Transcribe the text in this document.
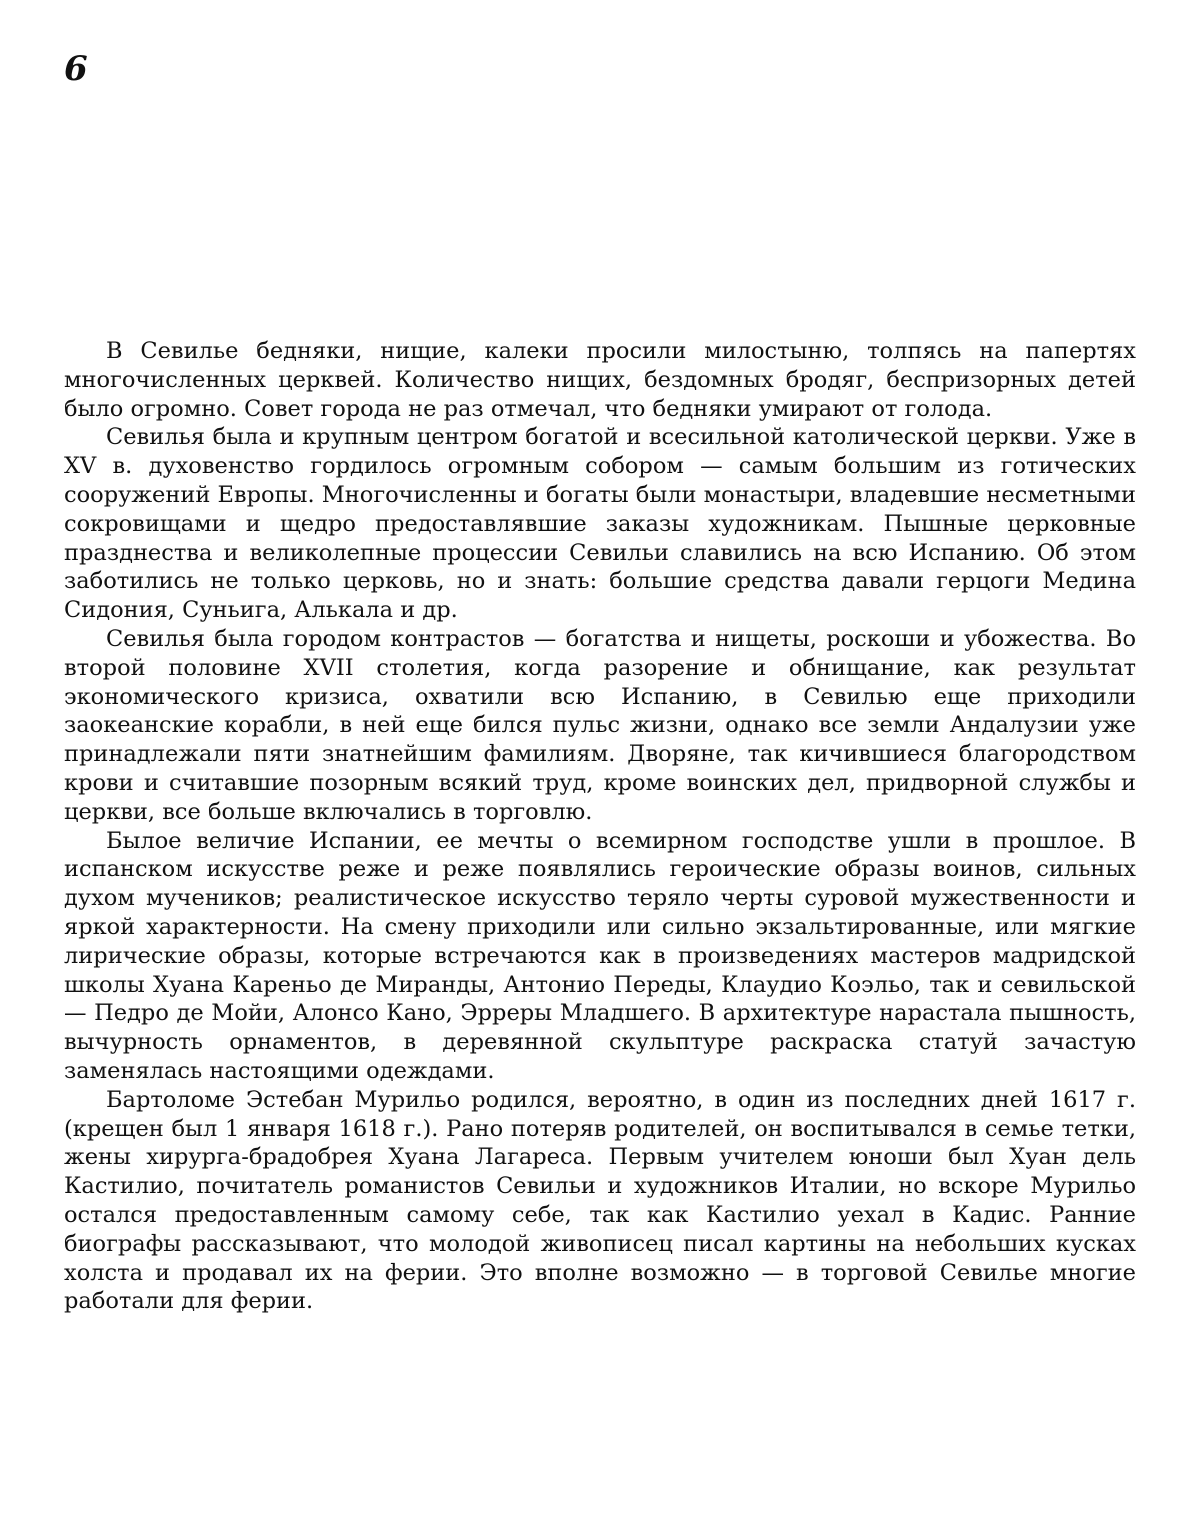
6

В Севилье бедняки, нищие, калеки просили милостыню, толпясь на папертях многочисленных церквей. Количество нищих, бездомных бродяг, беспризорных детей было огромно. Совет города не раз отмечал, что бедняки умирают от голода.

Севилья была и крупным центром богатой и всесильной католической церкви. Уже в XV в. духовенство гордилось огромным собором — самым большим из готических сооружений Европы. Многочисленны и богаты были монастыри, владевшие несметными сокровищами и щедро предоставлявшие заказы художникам. Пышные церковные празднества и великолепные процессии Севильи славились на всю Испанию. Об этом заботились не только церковь, но и знать: большие средства давали герцоги Медина Сидония, Суньига, Алькала и др.

Севилья была городом контрастов — богатства и нищеты, роскоши и убожества. Во второй половине XVII столетия, когда разорение и обнищание, как результат экономического кризиса, охватили всю Испанию, в Севилью еще приходили заокеанские корабли, в ней еще бился пульс жизни, однако все земли Андалузии уже принадлежали пяти знатнейшим фамилиям. Дворяне, так кичившиеся благородством крови и считавшие позорным всякий труд, кроме воинских дел, придворной службы и церкви, все больше включались в торговлю.

Былое величие Испании, ее мечты о всемирном господстве ушли в прошлое. В испанском искусстве реже и реже появлялись героические образы воинов, сильных духом мучеников; реалистическое искусство теряло черты суровой мужественности и яркой характерности. На смену приходили или сильно экзальтированные, или мягкие лирические образы, которые встречаются как в произведениях мастеров мадридской школы Хуана Кареньо де Миранды, Антонио Переды, Клаудио Коэльо, так и севильской — Педро де Мойи, Алонсо Кано, Эрреры Младшего. В архитектуре нарастала пышность, вычурность орнаментов, в деревянной скульптуре раскраска статуй зачастую заменялась настоящими одеждами.

Бартоломе Эстебан Мурильо родился, вероятно, в один из последних дней 1617 г. (крещен был 1 января 1618 г.). Рано потеряв родителей, он воспитывался в семье тетки, жены хирурга-брадобрея Хуана Лагареса. Первым учителем юноши был Хуан дель Кастилио, почитатель романистов Севильи и художников Италии, но вскоре Мурильо остался предоставленным самому себе, так как Кастилио уехал в Кадис. Ранние биографы рассказывают, что молодой живописец писал картины на небольших кусках холста и продавал их на ферии. Это вполне возможно — в торговой Севилье многие работали для ферии.
